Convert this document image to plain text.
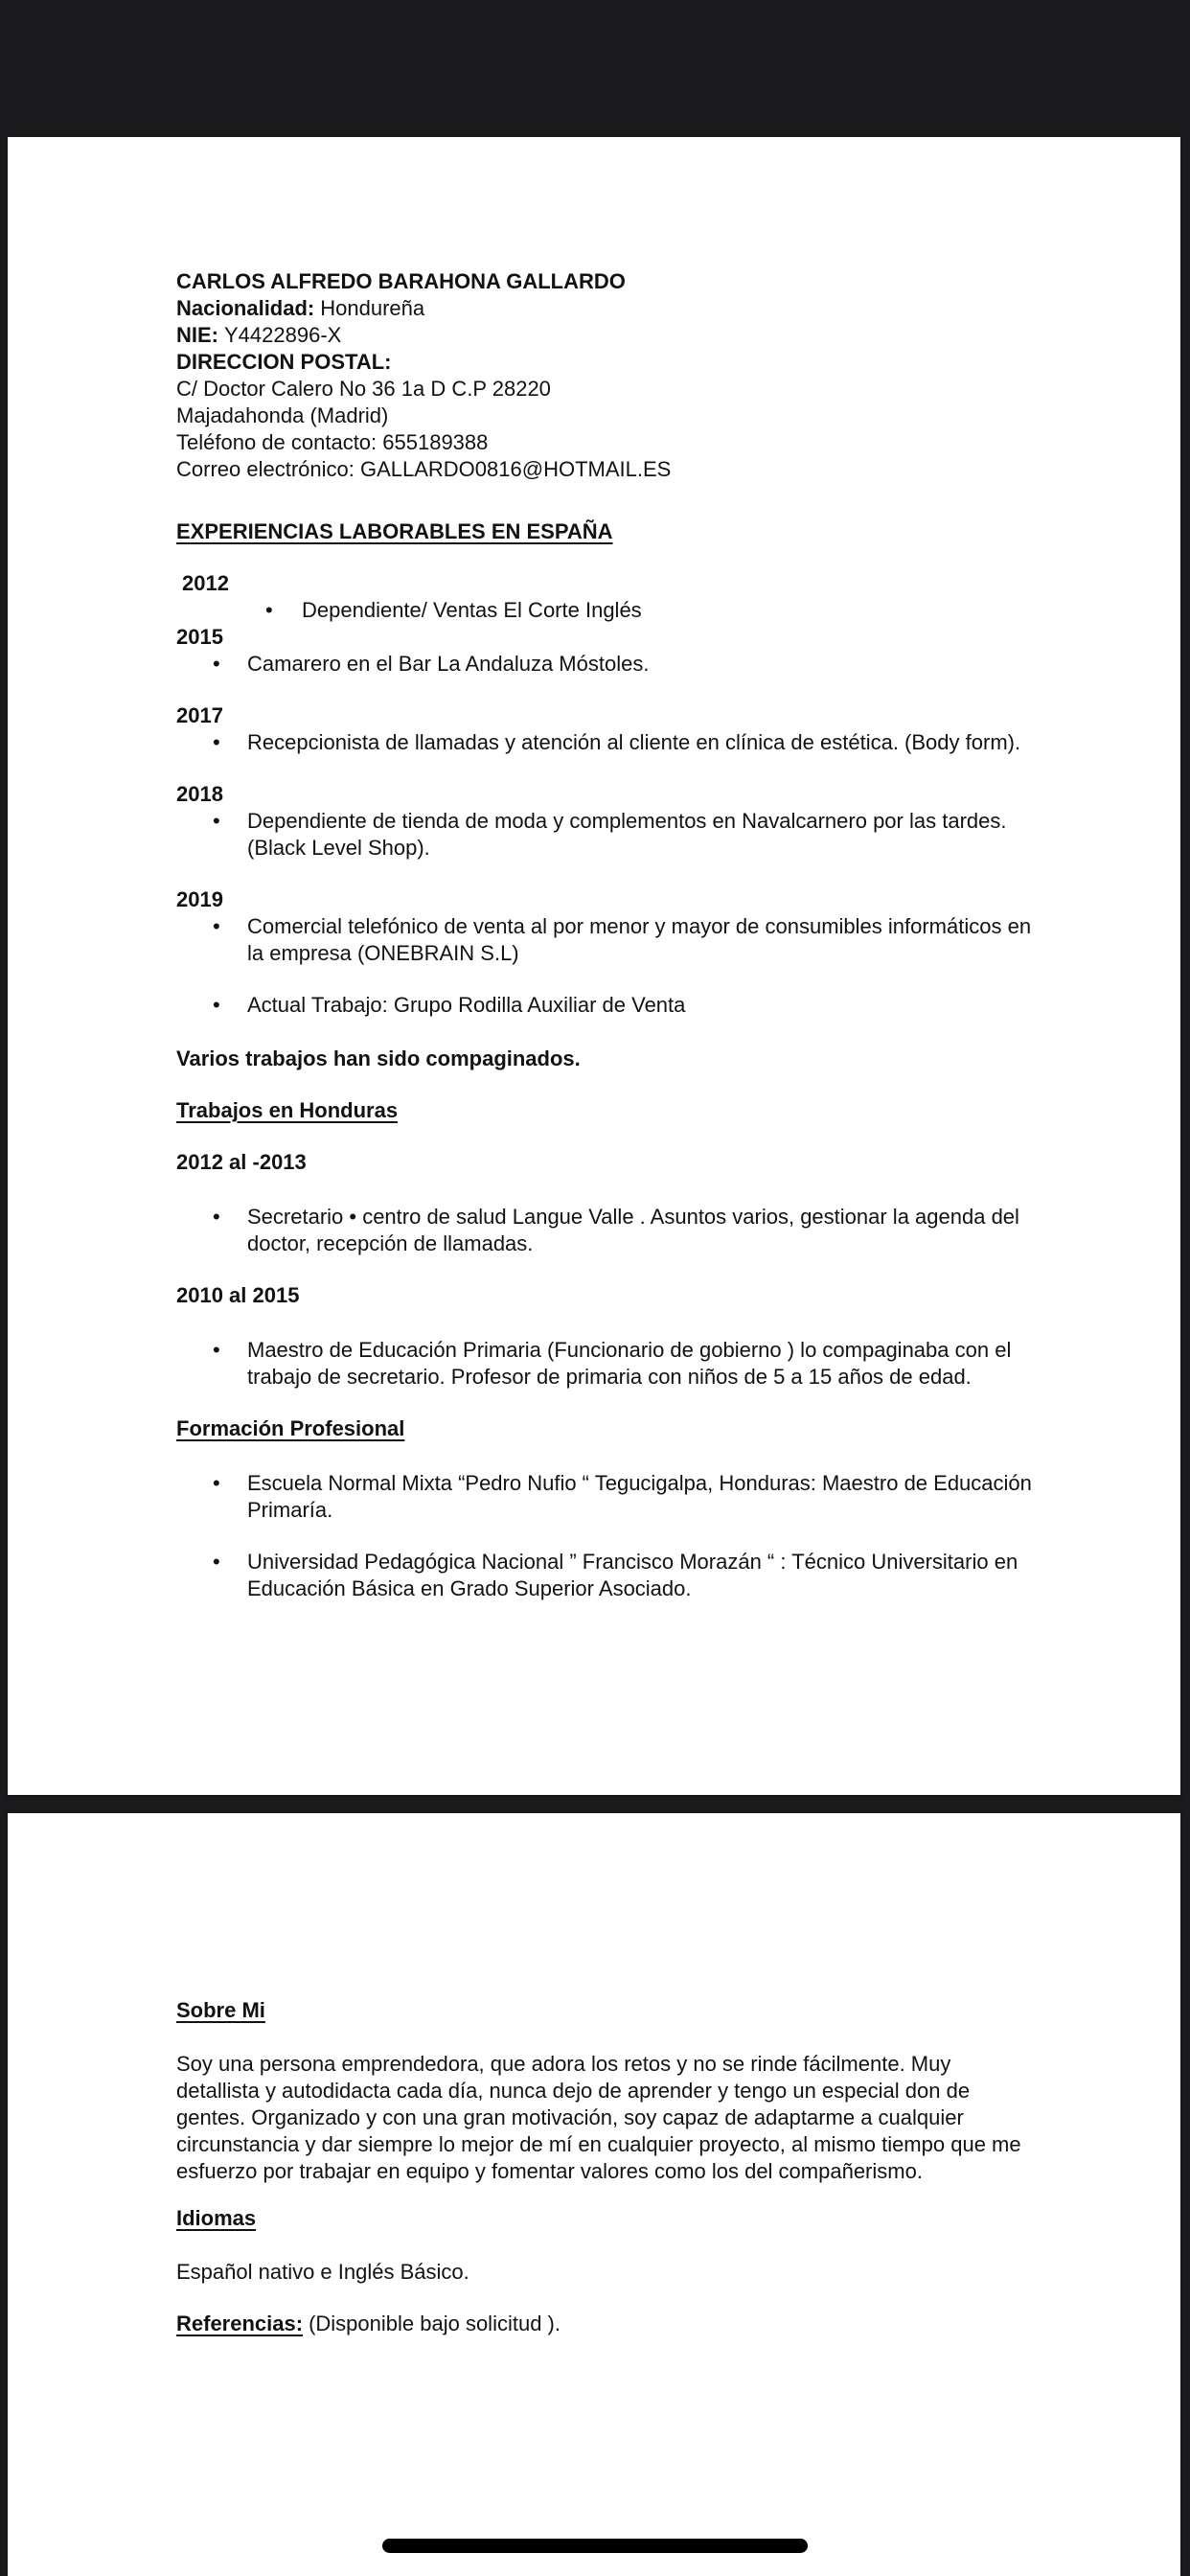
CARLOS ALFREDO BARAHONA GALLARDO

Nacionalidad: Hondureña

NIE: Y4422896-X

DIRECCION POSTAL:

C/ Doctor Calero No 36 1a D C.P 28220

Majadahonda (Madrid)

Teléfono de contacto: 655189388

Correo electrónico: GALLARDO0816@HOTMAIL.ES

EXPERIENCIAS LABORABLES EN ESPAÑA

2012

• Dependiente/ Ventas El Corte Inglés

2015

• Camarero en el Bar La Andaluza Móstoles.

2017

• Recepcionista de llamadas y atención al cliente en clínica de estética. (Body form).

2018

• Dependiente de tienda de moda y complementos en Navalcarnero por las tardes. (Black Level Shop).

2019

• Comercial telefónico de venta al por menor y mayor de consumibles informáticos en la empresa (ONEBRAIN S.L)
• Actual Trabajo: Grupo Rodilla Auxiliar de Venta

Varios trabajos han sido compaginados.

Trabajos en Honduras

2012 al -2013

• Secretario • centro de salud Langue Valle . Asuntos varios, gestionar la agenda del doctor, recepción de llamadas.

2010 al 2015

• Maestro de Educación Primaria (Funcionario de gobierno ) lo compaginaba con el trabajo de secretario. Profesor de primaria con niños de 5 a 15 años de edad.

Formación Profesional

• Escuela Normal Mixta “Pedro Nufio “ Tegucigalpa, Honduras: Maestro de Educación Primaría.
• Universidad Pedagógica Nacional ” Francisco Morazán “ : Técnico Universitario en Educación Básica en Grado Superior Asociado.

Sobre Mi

Soy una persona emprendedora, que adora los retos y no se rinde fácilmente. Muy detallista y autodidacta cada día, nunca dejo de aprender y tengo un especial don de gentes. Organizado y con una gran motivación, soy capaz de adaptarme a cualquier circunstancia y dar siempre lo mejor de mí en cualquier proyecto, al mismo tiempo que me esfuerzo por trabajar en equipo y fomentar valores como los del compañerismo.

Idiomas

Español nativo e Inglés Básico.

Referencias: (Disponible bajo solicitud ).
